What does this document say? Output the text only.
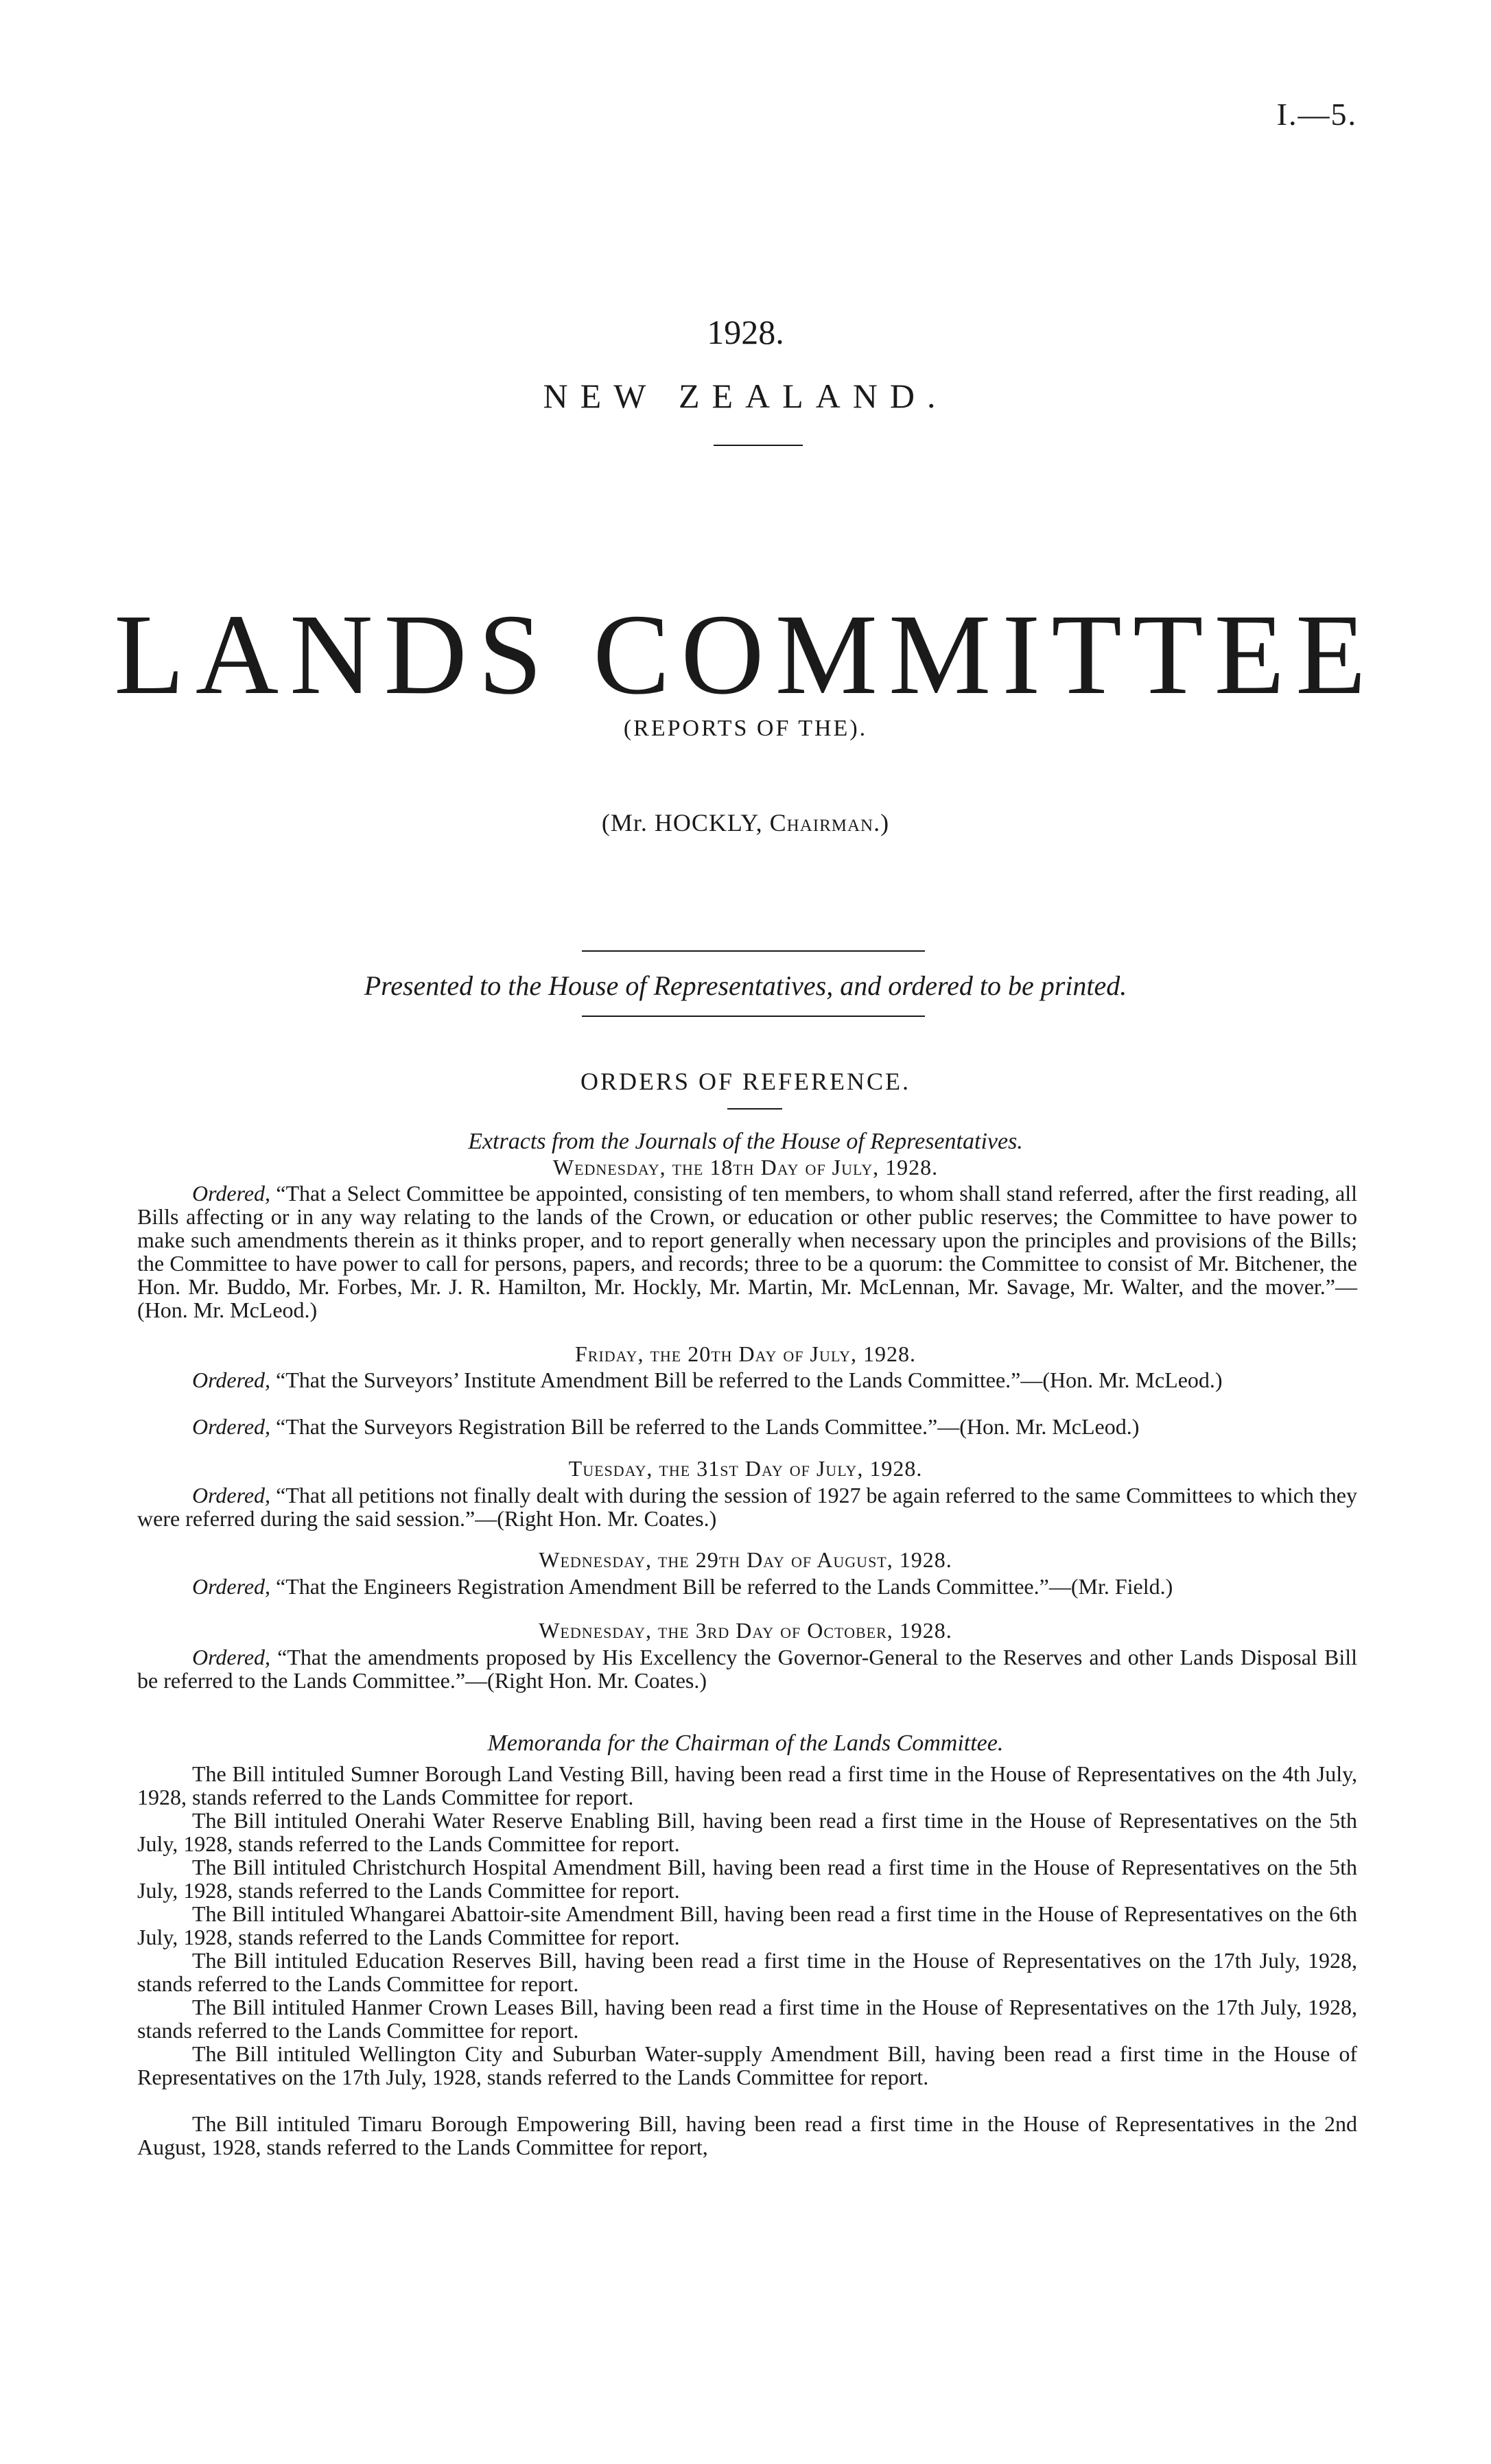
I.—5.
1928.
NEW ZEALAND.
LANDS COMMITTEE
(REPORTS OF THE).
(Mr. HOCKLY, Chairman.)
Presented to the House of Representatives, and ordered to be printed.
ORDERS OF REFERENCE.
Extracts from the Journals of the House of Representatives.
Wednesday, the 18th Day of July, 1928.
Ordered, “That a Select Committee be appointed, consisting of ten members, to whom shall stand referred, after the first reading, all Bills affecting or in any way relating to the lands of the Crown, or education or other public reserves; the Committee to have power to make such amendments therein as it thinks proper, and to report generally when necessary upon the principles and provisions of the Bills; the Committee to have power to call for persons, papers, and records; three to be a quorum: the Committee to consist of Mr. Bitchener, the Hon. Mr. Buddo, Mr. Forbes, Mr. J. R. Hamilton, Mr. Hockly, Mr. Martin, Mr. McLennan, Mr. Savage, Mr. Walter, and the mover.”—(Hon. Mr. McLeod.)
Friday, the 20th Day of July, 1928.
Ordered, “That the Surveyors’ Institute Amendment Bill be referred to the Lands Committee.”—(Hon. Mr. McLeod.)
Ordered, “That the Surveyors Registration Bill be referred to the Lands Committee.”—(Hon. Mr. McLeod.)
Tuesday, the 31st Day of July, 1928.
Ordered, “That all petitions not finally dealt with during the session of 1927 be again referred to the same Committees to which they were referred during the said session.”—(Right Hon. Mr. Coates.)
Wednesday, the 29th Day of August, 1928.
Ordered, “That the Engineers Registration Amendment Bill be referred to the Lands Committee.”—(Mr. Field.)
Wednesday, the 3rd Day of October, 1928.
Ordered, “That the amendments proposed by His Excellency the Governor-General to the Reserves and other Lands Disposal Bill be referred to the Lands Committee.”—(Right Hon. Mr. Coates.)
Memoranda for the Chairman of the Lands Committee.
The Bill intituled Sumner Borough Land Vesting Bill, having been read a first time in the House of Representatives on the 4th July, 1928, stands referred to the Lands Committee for report.
The Bill intituled Onerahi Water Reserve Enabling Bill, having been read a first time in the House of Representatives on the 5th July, 1928, stands referred to the Lands Committee for report.
The Bill intituled Christchurch Hospital Amendment Bill, having been read a first time in the House of Representatives on the 5th July, 1928, stands referred to the Lands Committee for report.
The Bill intituled Whangarei Abattoir-site Amendment Bill, having been read a first time in the House of Representatives on the 6th July, 1928, stands referred to the Lands Committee for report.
The Bill intituled Education Reserves Bill, having been read a first time in the House of Representatives on the 17th July, 1928, stands referred to the Lands Committee for report.
The Bill intituled Hanmer Crown Leases Bill, having been read a first time in the House of Representatives on the 17th July, 1928, stands referred to the Lands Committee for report.
The Bill intituled Wellington City and Suburban Water-supply Amendment Bill, having been read a first time in the House of Representatives on the 17th July, 1928, stands referred to the Lands Committee for report.
The Bill intituled Timaru Borough Empowering Bill, having been read a first time in the House of Representatives in the 2nd August, 1928, stands referred to the Lands Committee for report,
